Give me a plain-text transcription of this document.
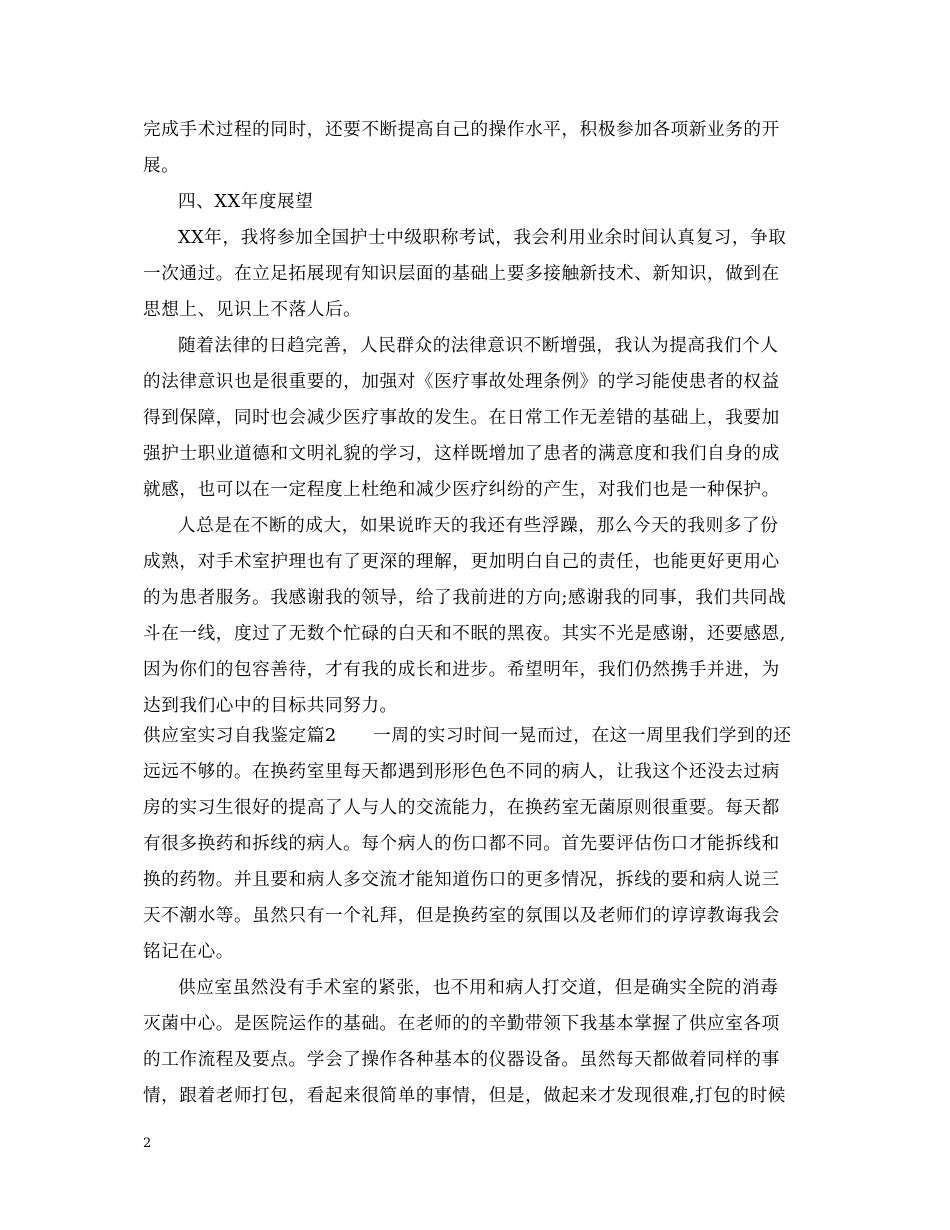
完成手术过程的同时，还要不断提高自己的操作水平，积极参加各项新业务的开
展。
四、XX年度展望
XX年，我将参加全国护士中级职称考试，我会利用业余时间认真复习，争取
一次通过。在立足拓展现有知识层面的基础上要多接触新技术、新知识，做到在
思想上、见识上不落人后。
随着法律的日趋完善，人民群众的法律意识不断增强，我认为提高我们个人
的法律意识也是很重要的，加强对《医疗事故处理条例》的学习能使患者的权益
得到保障，同时也会减少医疗事故的发生。在日常工作无差错的基础上，我要加
强护士职业道德和文明礼貌的学习，这样既增加了患者的满意度和我们自身的成
就感，也可以在一定程度上杜绝和减少医疗纠纷的产生，对我们也是一种保护。
人总是在不断的成大，如果说昨天的我还有些浮躁，那么今天的我则多了份
成熟，对手术室护理也有了更深的理解，更加明白自己的责任，也能更好更用心
的为患者服务。我感谢我的领导，给了我前进的方向;感谢我的同事，我们共同战
斗在一线，度过了无数个忙碌的白天和不眠的黑夜。其实不光是感谢，还要感恩,
因为你们的包容善待，才有我的成长和进步。希望明年，我们仍然携手并进，为
达到我们心中的目标共同努力。
供应室实习自我鉴定篇2　　一周的实习时间一晃而过，在这一周里我们学到的还
远远不够的。在换药室里每天都遇到形形色色不同的病人，让我这个还没去过病
房的实习生很好的提高了人与人的交流能力，在换药室无菌原则很重要。每天都
有很多换药和拆线的病人。每个病人的伤口都不同。首先要评估伤口才能拆线和
换的药物。并且要和病人多交流才能知道伤口的更多情况，拆线的要和病人说三
天不潮水等。虽然只有一个礼拜，但是换药室的氛围以及老师们的谆谆教诲我会
铭记在心。
供应室虽然没有手术室的紧张，也不用和病人打交道，但是确实全院的消毒
灭菌中心。是医院运作的基础。在老师的的辛勤带领下我基本掌握了供应室各项
的工作流程及要点。学会了操作各种基本的仪器设备。虽然每天都做着同样的事
情，跟着老师打包，看起来很简单的事情，但是，做起来才发现很难,打包的时候
2
